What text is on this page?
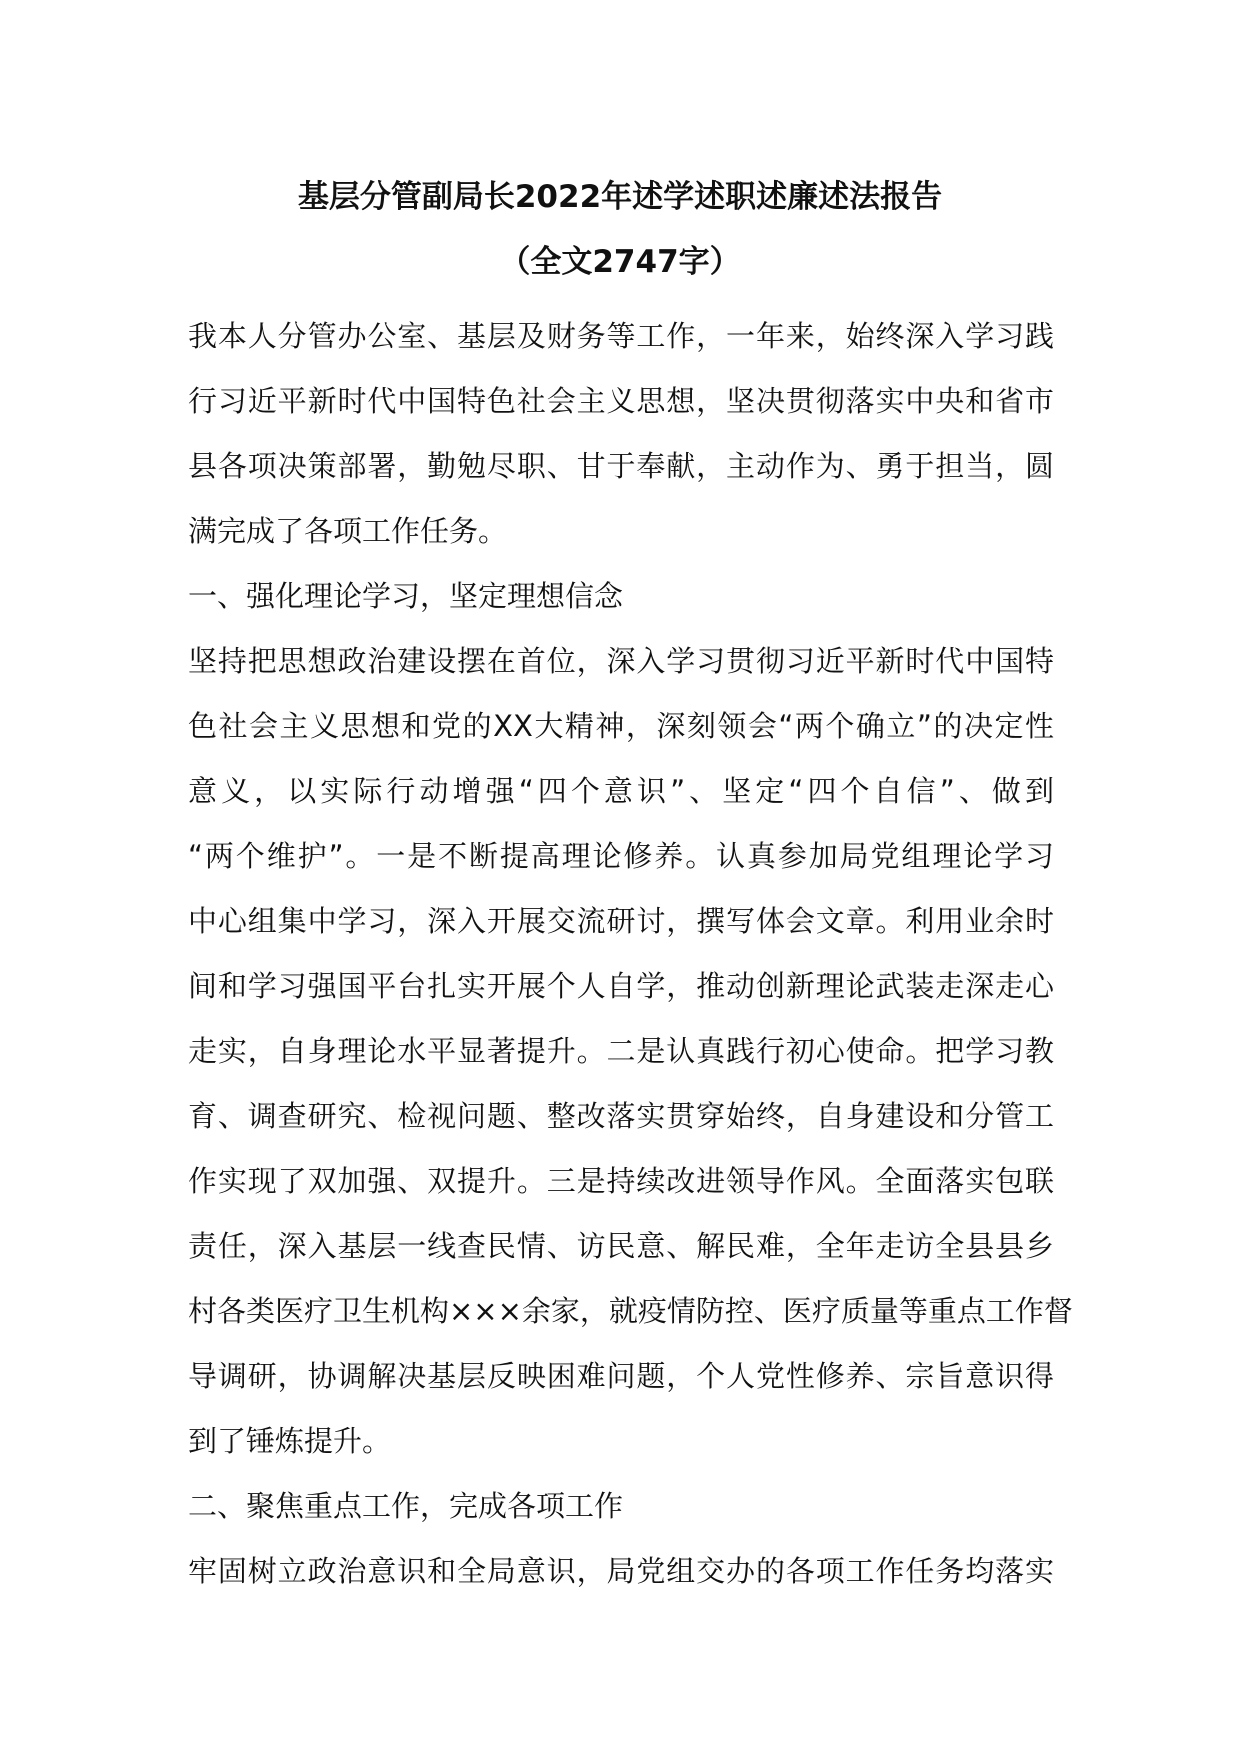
基层分管副局长2022年述学述职述廉述法报告
（全文2747字）
我本人分管办公室、基层及财务等工作，一年来，始终深入学习践
行习近平新时代中国特色社会主义思想，坚决贯彻落实中央和省市
县各项决策部署，勤勉尽职、甘于奉献，主动作为、勇于担当，圆
满完成了各项工作任务。
一、强化理论学习，坚定理想信念
坚持把思想政治建设摆在首位，深入学习贯彻习近平新时代中国特
色社会主义思想和党的XX大精神，深刻领会“两个确立”的决定性
意义，以实际行动增强“四个意识”、坚定“四个自信”、做到
“两个维护”。一是不断提高理论修养。认真参加局党组理论学习
中心组集中学习，深入开展交流研讨，撰写体会文章。利用业余时
间和学习强国平台扎实开展个人自学，推动创新理论武装走深走心
走实，自身理论水平显著提升。二是认真践行初心使命。把学习教
育、调查研究、检视问题、整改落实贯穿始终，自身建设和分管工
作实现了双加强、双提升。三是持续改进领导作风。全面落实包联
责任，深入基层一线查民情、访民意、解民难，全年走访全县县乡
村各类医疗卫生机构×××余家，就疫情防控、医疗质量等重点工作督
导调研，协调解决基层反映困难问题，个人党性修养、宗旨意识得
到了锤炼提升。
二、聚焦重点工作，完成各项工作
牢固树立政治意识和全局意识，局党组交办的各项工作任务均落实
